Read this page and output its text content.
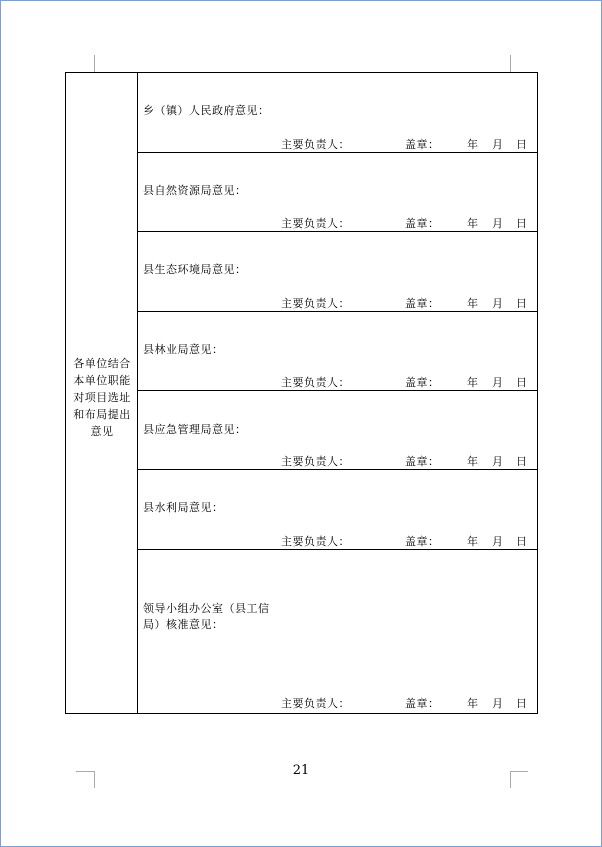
各单位结合本单位职能对项目选址和布局提出意见
乡（镇）人民政府意见：
主要负责人：	盖章：	年 月 日
县自然资源局意见：
主要负责人：	盖章：	年 月 日
县生态环境局意见：
主要负责人：	盖章：	年 月 日
县林业局意见：
主要负责人：	盖章：	年 月 日
县应急管理局意见：
主要负责人：	盖章：	年 月 日
县水利局意见：
主要负责人：	盖章：	年 月 日
领导小组办公室（县工信局）核准意见：
主要负责人：	盖章：	年 月 日
21
